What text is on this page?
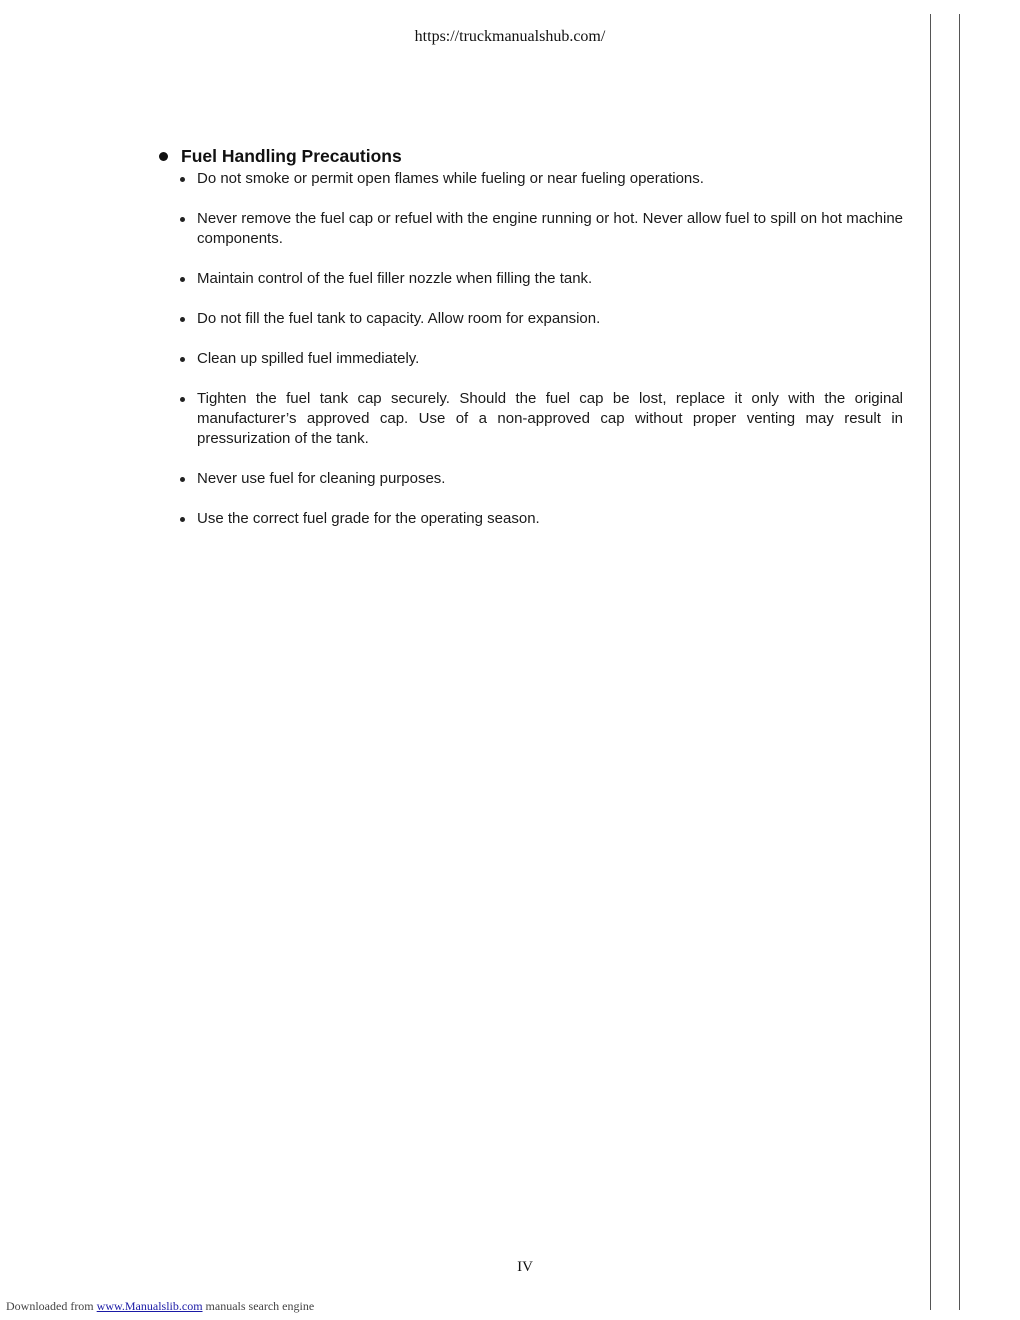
https://truckmanualshub.com/
Fuel Handling Precautions
Do not smoke or permit open flames while fueling or near fueling operations.
Never remove the fuel cap or refuel with the engine running or hot. Never allow fuel to spill on hot machine components.
Maintain control of the fuel filler nozzle when filling the tank.
Do not fill the fuel tank to capacity. Allow room for expansion.
Clean up spilled fuel immediately.
Tighten the fuel tank cap securely. Should the fuel cap be lost, replace it only with the original manufacturer’s approved cap. Use of a non-approved cap without proper venting may result in pressurization of the tank.
Never use fuel for cleaning purposes.
Use the correct fuel grade for the operating season.
IV
Downloaded from www.Manualslib.com manuals search engine
